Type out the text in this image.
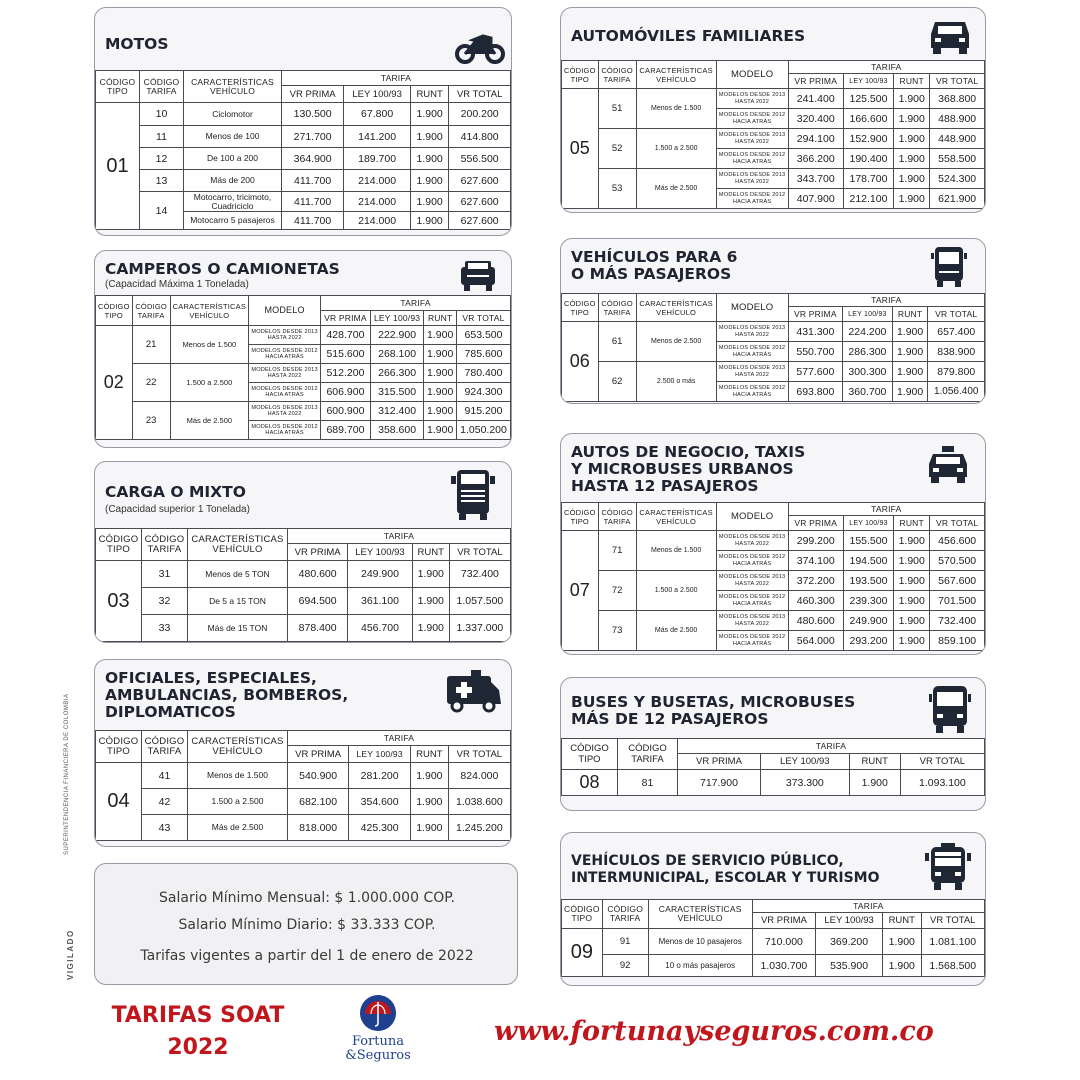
MOTOS
CÓDIGO TIPO	CÓDIGO TARIFA	CARACTERÍSTICAS VEHÍCULO	TARIFA			
			VR PRIMA	LEY 100/93	RUNT	VR TOTAL
01	10	Ciclomotor	130.500	67.800	1.900	200.200
	11	Menos de 100	271.700	141.200	1.900	414.800
	12	De 100 a 200	364.900	189.700	1.900	556.500
	13	Más de 200	411.700	214.000	1.900	627.600
	14	Motocarro, tricimoto, Cuadriciclo	411.700	214.000	1.900	627.600
		Motocarro 5 pasajeros	411.700	214.000	1.900	627.600
CAMPEROS O CAMIONETAS
(Capacidad Máxima 1 Tonelada)
CÓDIGO TIPO	CÓDIGO TARIFA	CARACTERÍSTICAS VEHÍCULO	MODELO	TARIFA			
				VR PRIMA	LEY 100/93	RUNT	VR TOTAL
02	21	Menos de 1.500	MODELOS DESDE 2013 HASTA 2022	428.700	222.900	1.900	653.500
			MODELOS DESDE 2012 HACIA ATRÁS	515.600	268.100	1.900	785.600
	22	1.500 a 2.500	MODELOS DESDE 2013 HASTA 2022	512.200	266.300	1.900	780.400
			MODELOS DESDE 2012 HACIA ATRÁS	606.900	315.500	1.900	924.300
	23	Más de 2.500	MODELOS DESDE 2013 HASTA 2022	600.900	312.400	1.900	915.200
			MODELOS DESDE 2012 HACIA ATRÁS	689.700	358.600	1.900	1.050.200
CARGA O MIXTO
(Capacidad superior 1 Tonelada)
CÓDIGO TIPO	CÓDIGO TARIFA	CARACTERÍSTICAS VEHÍCULO	TARIFA			
			VR PRIMA	LEY 100/93	RUNT	VR TOTAL
03	31	Menos de 5 TON	480.600	249.900	1.900	732.400
	32	De 5 a 15 TON	694.500	361.100	1.900	1.057.500
	33	Más de 15 TON	878.400	456.700	1.900	1.337.000
OFICIALES, ESPECIALES,
AMBULANCIAS, BOMBEROS,
DIPLOMATICOS
CÓDIGO TIPO	CÓDIGO TARIFA	CARACTERÍSTICAS VEHÍCULO	TARIFA			
			VR PRIMA	LEY 100/93	RUNT	VR TOTAL
04	41	Menos de 1.500	540.900	281.200	1.900	824.000
	42	1.500 a 2.500	682.100	354.600	1.900	1.038.600
	43	Más de 2.500	818.000	425.300	1.900	1.245.200
VIGILADO
SUPERINTENDENCIA FINANCIERA DE COLOMBIA
Salario Mínimo Mensual: $ 1.000.000 COP.
Salario Mínimo Diario: $ 33.333 COP.
Tarifas vigentes a partir del 1 de enero de 2022
AUTOMÓVILES FAMILIARES
CÓDIGO TIPO	CÓDIGO TARIFA	CARACTERÍSTICAS VEHÍCULO	MODELO	TARIFA			
				VR PRIMA	LEY 100/93	RUNT	VR TOTAL
05	51	Menos de 1.500	MODELOS DESDE 2013 HASTA 2022	241.400	125.500	1.900	368.800
			MODELOS DESDE 2012 HACIA ATRÁS	320.400	166.600	1.900	488.900
	52	1.500 a 2.500	MODELOS DESDE 2013 HASTA 2022	294.100	152.900	1.900	448.900
			MODELOS DESDE 2012 HACIA ATRÁS	366.200	190.400	1.900	558.500
	53	Más de 2.500	MODELOS DESDE 2013 HASTA 2022	343.700	178.700	1.900	524.300
			MODELOS DESDE 2012 HACIA ATRÁS	407.900	212.100	1.900	621.900
VEHÍCULOS PARA 6
O MÁS PASAJEROS
CÓDIGO TIPO	CÓDIGO TARIFA	CARACTERÍSTICAS VEHÍCULO	MODELO	TARIFA			
				VR PRIMA	LEY 100/93	RUNT	VR TOTAL
06	61	Menos de 2.500	MODELOS DESDE 2013 HASTA 2022	431.300	224.200	1.900	657.400
			MODELOS DESDE 2012 HACIA ATRÁS	550.700	286.300	1.900	838.900
	62	2.500 o más	MODELOS DESDE 2013 HASTA 2022	577.600	300.300	1.900	879.800
			MODELOS DESDE 2012 HACIA ATRÁS	693.800	360.700	1.900	1.056.400
AUTOS DE NEGOCIO, TAXIS
Y MICROBUSES URBANOS
HASTA 12 PASAJEROS
CÓDIGO TIPO	CÓDIGO TARIFA	CARACTERÍSTICAS VEHÍCULO	MODELO	TARIFA			
				VR PRIMA	LEY 100/93	RUNT	VR TOTAL
07	71	Menos de 1.500	MODELOS DESDE 2013 HASTA 2022	299.200	155.500	1.900	456.600
			MODELOS DESDE 2012 HACIA ATRÁS	374.100	194.500	1.900	570.500
	72	1.500 a 2.500	MODELOS DESDE 2013 HASTA 2022	372.200	193.500	1.900	567.600
			MODELOS DESDE 2012 HACIA ATRÁS	460.300	239.300	1.900	701.500
	73	Más de 2.500	MODELOS DESDE 2013 HASTA 2022	480.600	249.900	1.900	732.400
			MODELOS DESDE 2012 HACIA ATRÁS	564.000	293.200	1.900	859.100
BUSES Y BUSETAS, MICROBUSES
MÁS DE 12 PASAJEROS
CÓDIGO TIPO	CÓDIGO TARIFA	TARIFA			
		VR PRIMA	LEY 100/93	RUNT	VR TOTAL
08	81	717.900	373.300	1.900	1.093.100
VEHÍCULOS DE SERVICIO PÚBLICO,
INTERMUNICIPAL, ESCOLAR Y TURISMO
CÓDIGO TIPO	CÓDIGO TARIFA	CARACTERÍSTICAS VEHÍCULO	TARIFA			
			VR PRIMA	LEY 100/93	RUNT	VR TOTAL
09	91	Menos de 10 pasajeros	710.000	369.200	1.900	1.081.100
	92	10 o más pasajeros	1.030.700	535.900	1.900	1.568.500
TARIFAS SOAT
2022	Fortuna
&Seguros
www.fortunayseguros.com.co
